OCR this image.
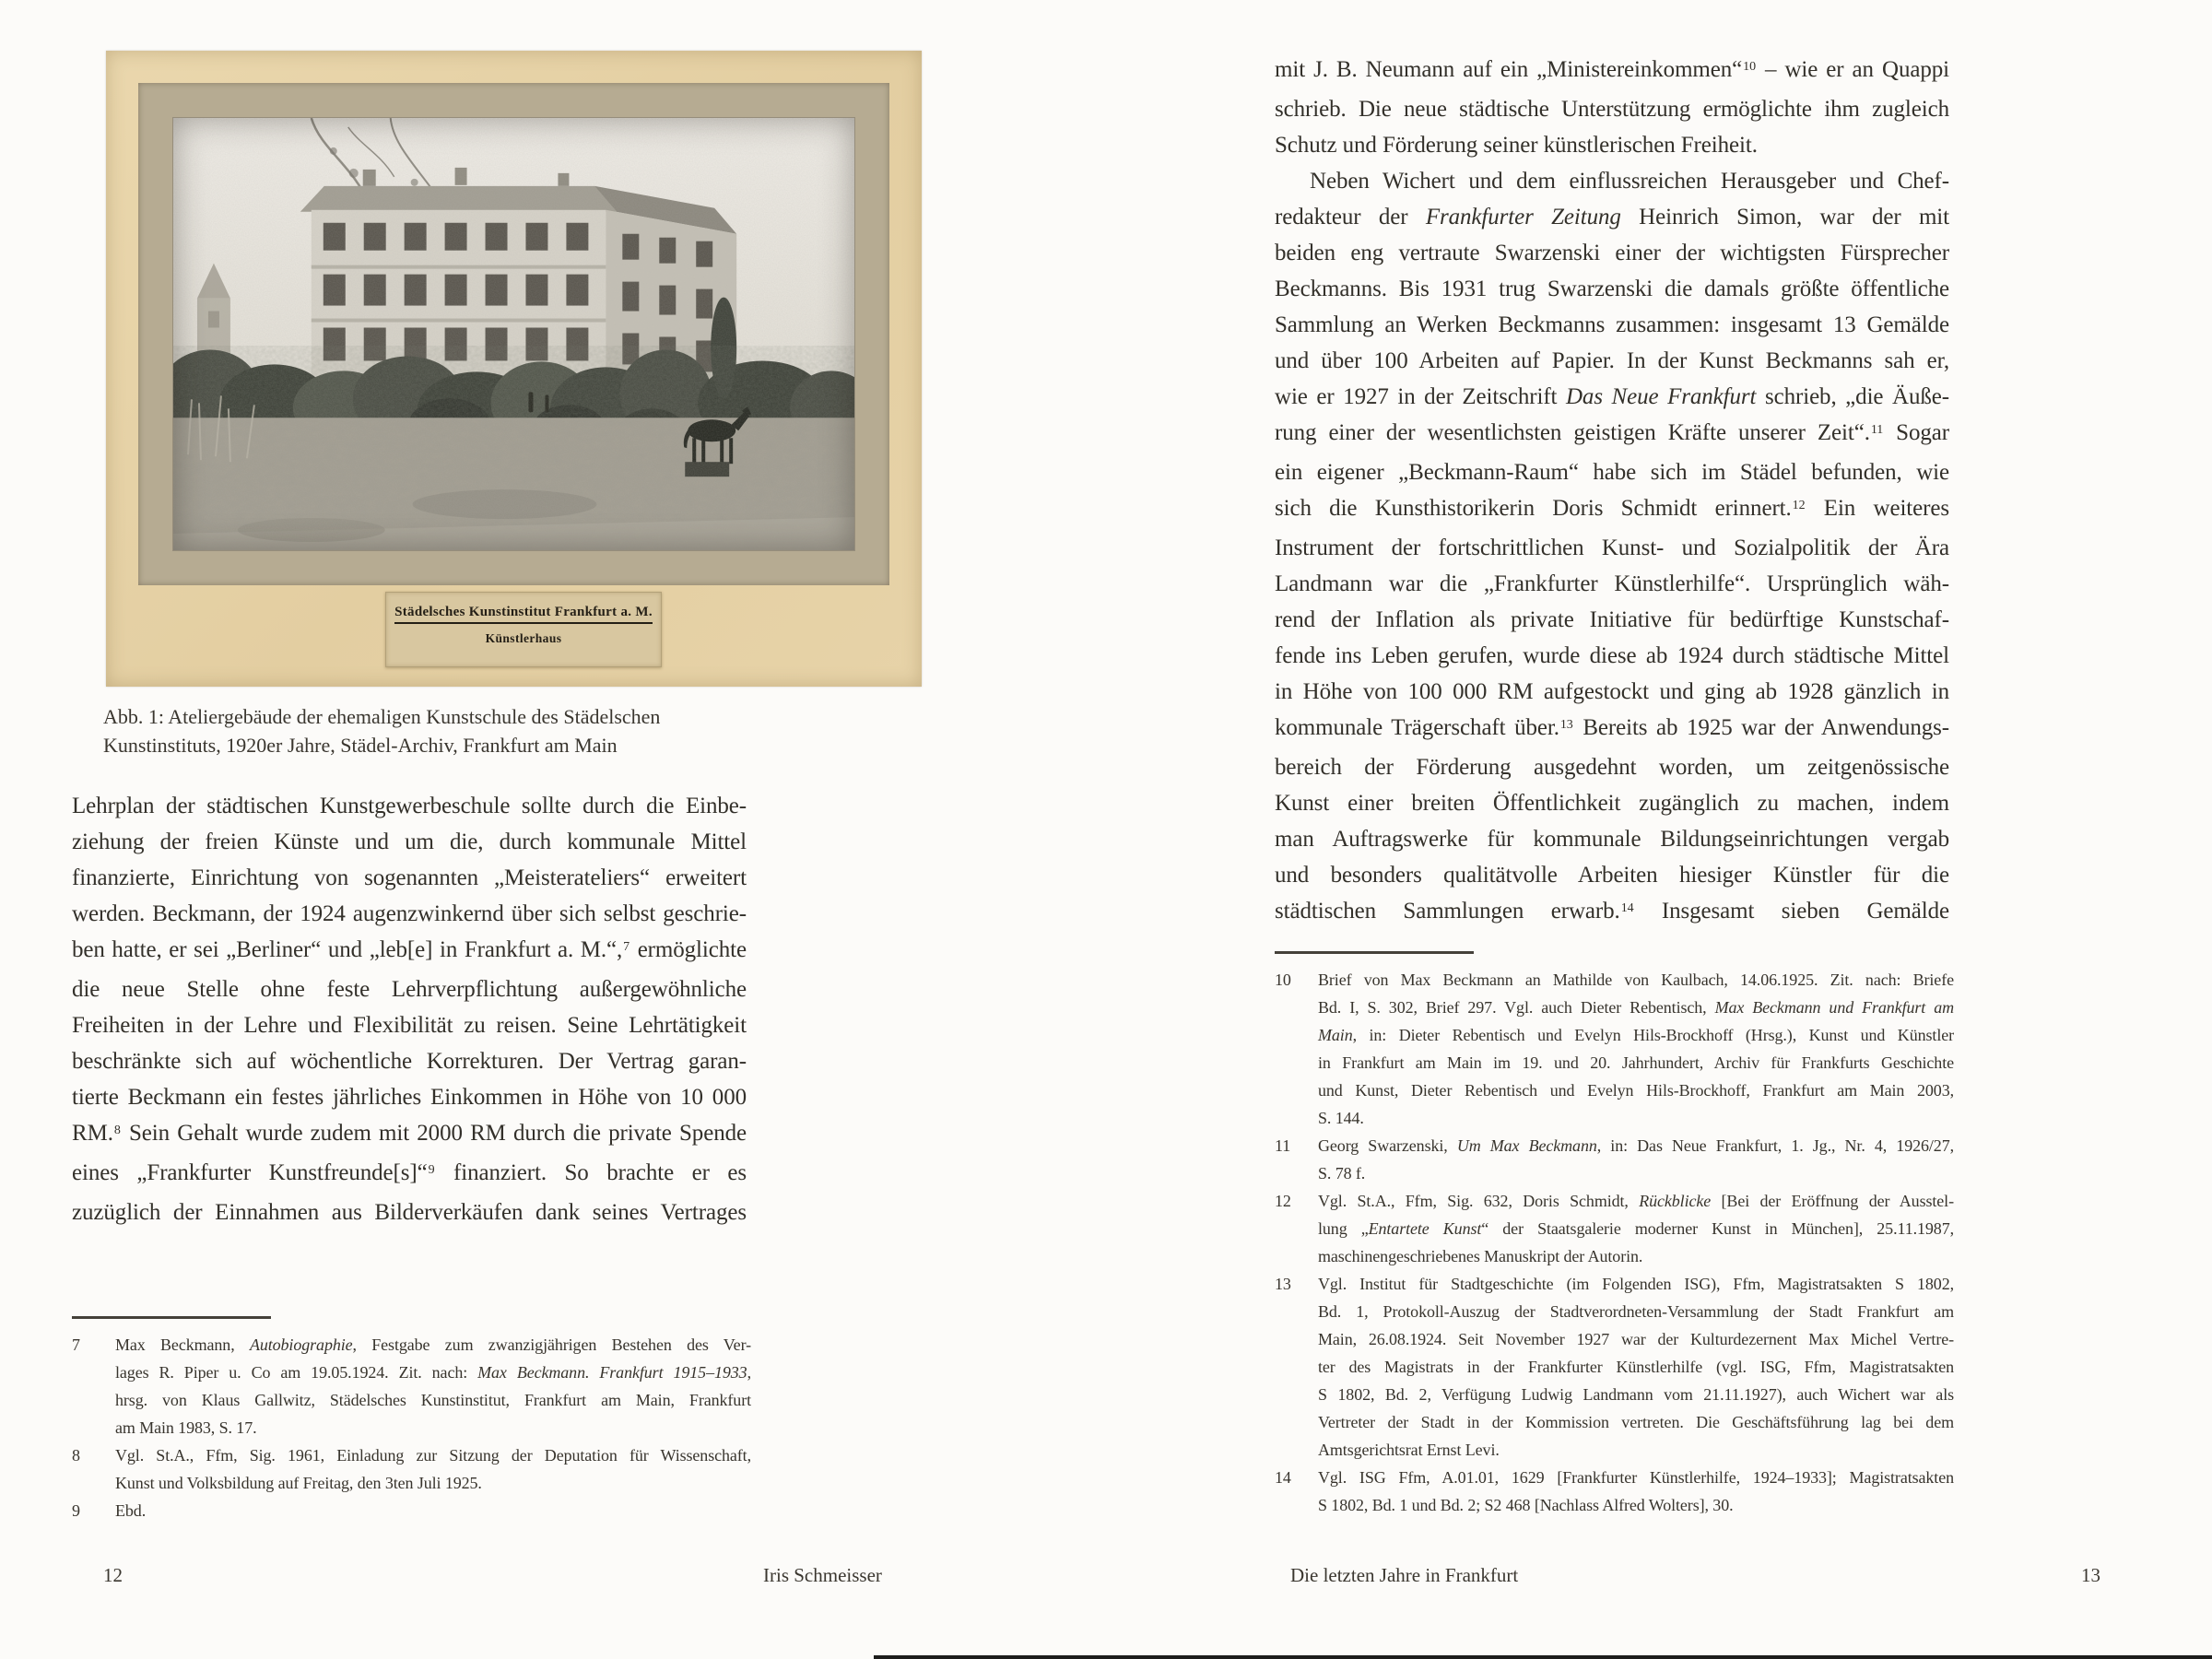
Städelsches Kunstinstitut Frankfurt a. M.
Künstlerhaus
Abb. 1: Ateliergebäude der ehemaligen Kunstschule des Städelschen
Kunstinstituts, 1920er Jahre, Städel-Archiv, Frankfurt am Main
Lehrplan der städtischen Kunstgewerbeschule sollte durch die Einbe-
ziehung der freien Künste und um die, durch kommunale Mittel
finanzierte, Einrichtung von sogenannten „Meisterateliers“ erweitert
werden. Beckmann, der 1924 augenzwinkernd über sich selbst geschrie-
ben hatte, er sei „Berliner“ und „leb[e] in Frankfurt a. M.“,$^7$ ermöglichte
die neue Stelle ohne feste Lehrverpflichtung außergewöhnliche
Freiheiten in der Lehre und Flexibilität zu reisen. Seine Lehrtätigkeit
beschränkte sich auf wöchentliche Korrekturen. Der Vertrag garan-
tierte Beckmann ein festes jährliches Einkommen in Höhe von 10 000
RM.$^8$ Sein Gehalt wurde zudem mit 2000 RM durch die private Spende
eines „Frankfurter Kunstfreunde[s]“$^9$ finanziert. So brachte er es
zuzüglich der Einnahmen aus Bilderverkäufen dank seines Vertrages
7 Max Beckmann, Autobiographie, Festgabe zum zwanzigjährigen Bestehen des Ver-
lages R. Piper u. Co am 19.05.1924. Zit. nach: Max Beckmann. Frankfurt 1915–1933,
hrsg. von Klaus Gallwitz, Städelsches Kunstinstitut, Frankfurt am Main, Frankfurt
am Main 1983, S. 17.
8 Vgl. St.A., Ffm, Sig. 1961, Einladung zur Sitzung der Deputation für Wissenschaft,
Kunst und Volksbildung auf Freitag, den 3ten Juli 1925.
9 Ebd.
12	Iris Schmeisser
mit J. B. Neumann auf ein „Ministereinkommen“$^{10}$ – wie er an Quappi
schrieb. Die neue städtische Unterstützung ermöglichte ihm zugleich
Schutz und Förderung seiner künstlerischen Freiheit.
Neben Wichert und dem einflussreichen Herausgeber und Chef-
redakteur der Frankfurter Zeitung Heinrich Simon, war der mit
beiden eng vertraute Swarzenski einer der wichtigsten Fürsprecher
Beckmanns. Bis 1931 trug Swarzenski die damals größte öffentliche
Sammlung an Werken Beckmanns zusammen: insgesamt 13 Gemälde
und über 100 Arbeiten auf Papier. In der Kunst Beckmanns sah er,
wie er 1927 in der Zeitschrift Das Neue Frankfurt schrieb, „die Äuße-
rung einer der wesentlichsten geistigen Kräfte unserer Zeit“.$^{11}$ Sogar
ein eigener „Beckmann-Raum“ habe sich im Städel befunden, wie
sich die Kunsthistorikerin Doris Schmidt erinnert.$^{12}$ Ein weiteres
Instrument der fortschrittlichen Kunst- und Sozialpolitik der Ära
Landmann war die „Frankfurter Künstlerhilfe“. Ursprünglich wäh-
rend der Inflation als private Initiative für bedürftige Kunstschaf-
fende ins Leben gerufen, wurde diese ab 1924 durch städtische Mittel
in Höhe von 100 000 RM aufgestockt und ging ab 1928 gänzlich in
kommunale Trägerschaft über.$^{13}$ Bereits ab 1925 war der Anwendungs-
bereich der Förderung ausgedehnt worden, um zeitgenössische
Kunst einer breiten Öffentlichkeit zugänglich zu machen, indem
man Auftragswerke für kommunale Bildungseinrichtungen vergab
und besonders qualitätvolle Arbeiten hiesiger Künstler für die
städtischen Sammlungen erwarb.$^{14}$ Insgesamt sieben Gemälde
10 Brief von Max Beckmann an Mathilde von Kaulbach, 14.06.1925. Zit. nach: Briefe
Bd. I, S. 302, Brief 297. Vgl. auch Dieter Rebentisch, Max Beckmann und Frankfurt am
Main, in: Dieter Rebentisch und Evelyn Hils-Brockhoff (Hrsg.), Kunst und Künstler
in Frankfurt am Main im 19. und 20. Jahrhundert, Archiv für Frankfurts Geschichte
und Kunst, Dieter Rebentisch und Evelyn Hils-Brockhoff, Frankfurt am Main 2003,
S. 144.
11 Georg Swarzenski, Um Max Beckmann, in: Das Neue Frankfurt, 1. Jg., Nr. 4, 1926/27,
S. 78 f.
12 Vgl. St.A., Ffm, Sig. 632, Doris Schmidt, Rückblicke [Bei der Eröffnung der Ausstel-
lung „Entartete Kunst“ der Staatsgalerie moderner Kunst in München], 25.11.1987,
maschinengeschriebenes Manuskript der Autorin.
13 Vgl. Institut für Stadtgeschichte (im Folgenden ISG), Ffm, Magistratsakten S 1802,
Bd. 1, Protokoll-Auszug der Stadtverordneten-Versammlung der Stadt Frankfurt am
Main, 26.08.1924. Seit November 1927 war der Kulturdezernent Max Michel Vertre-
ter des Magistrats in der Frankfurter Künstlerhilfe (vgl. ISG, Ffm, Magistratsakten
S 1802, Bd. 2, Verfügung Ludwig Landmann vom 21.11.1927), auch Wichert war als
Vertreter der Stadt in der Kommission vertreten. Die Geschäftsführung lag bei dem
Amtsgerichtsrat Ernst Levi.
14 Vgl. ISG Ffm, A.01.01, 1629 [Frankfurter Künstlerhilfe, 1924–1933]; Magistratsakten
S 1802, Bd. 1 und Bd. 2; S2 468 [Nachlass Alfred Wolters], 30.
Die letzten Jahre in Frankfurt	13
